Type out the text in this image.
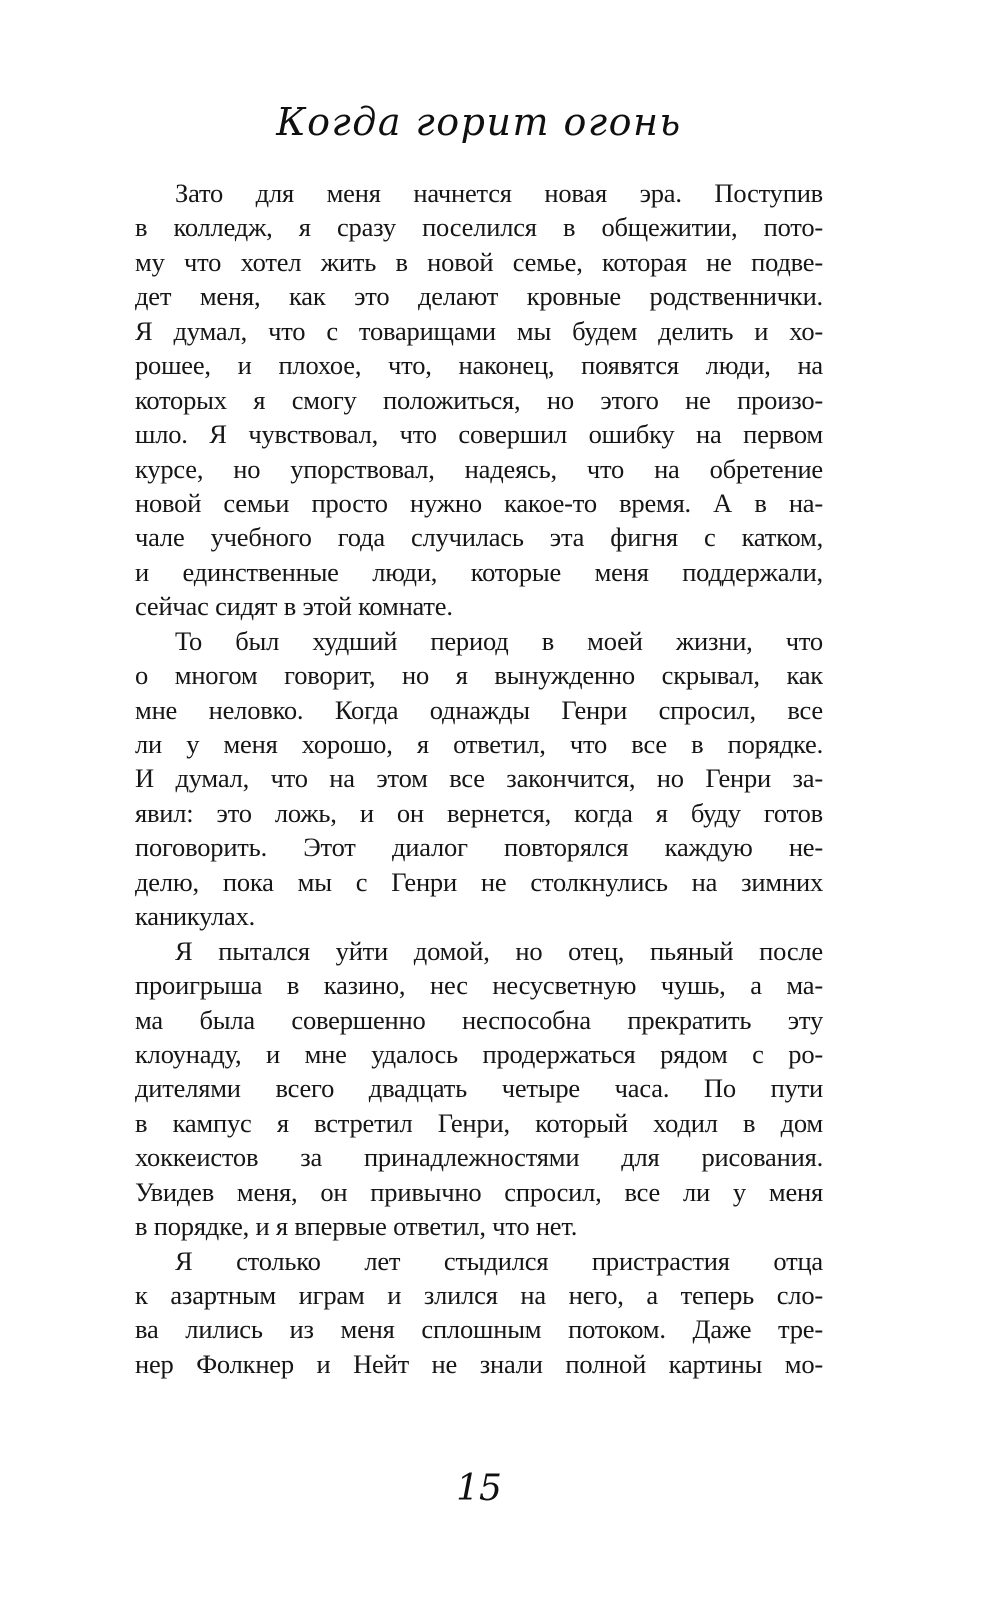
Когда горит огонь
Зато для меня начнется новая эра. Поступив
в колледж, я сразу поселился в общежитии, пото-
му что хотел жить в новой семье, которая не подве-
дет меня, как это делают кровные родственнички.
Я думал, что с товарищами мы будем делить и хо-
рошее, и плохое, что, наконец, появятся люди, на
которых я смогу положиться, но этого не произо-
шло. Я чувствовал, что совершил ошибку на первом
курсе, но упорствовал, надеясь, что на обретение
новой семьи просто нужно какое-то время. А в на-
чале учебного года случилась эта фигня с катком,
и единственные люди, которые меня поддержали,
сейчас сидят в этой комнате.
То был худший период в моей жизни, что
о многом говорит, но я вынужденно скрывал, как
мне неловко. Когда однажды Генри спросил, все
ли у меня хорошо, я ответил, что все в порядке.
И думал, что на этом все закончится, но Генри за-
явил: это ложь, и он вернется, когда я буду готов
поговорить. Этот диалог повторялся каждую не-
делю, пока мы с Генри не столкнулись на зимних
каникулах.
Я пытался уйти домой, но отец, пьяный после
проигрыша в казино, нес несусветную чушь, а ма-
ма была совершенно неспособна прекратить эту
клоунаду, и мне удалось продержаться рядом с ро-
дителями всего двадцать четыре часа. По пути
в кампус я встретил Генри, который ходил в дом
хоккеистов за принадлежностями для рисования.
Увидев меня, он привычно спросил, все ли у меня
в порядке, и я впервые ответил, что нет.
Я столько лет стыдился пристрастия отца
к азартным играм и злился на него, а теперь сло-
ва лились из меня сплошным потоком. Даже тре-
нер Фолкнер и Нейт не знали полной картины мо-
15
